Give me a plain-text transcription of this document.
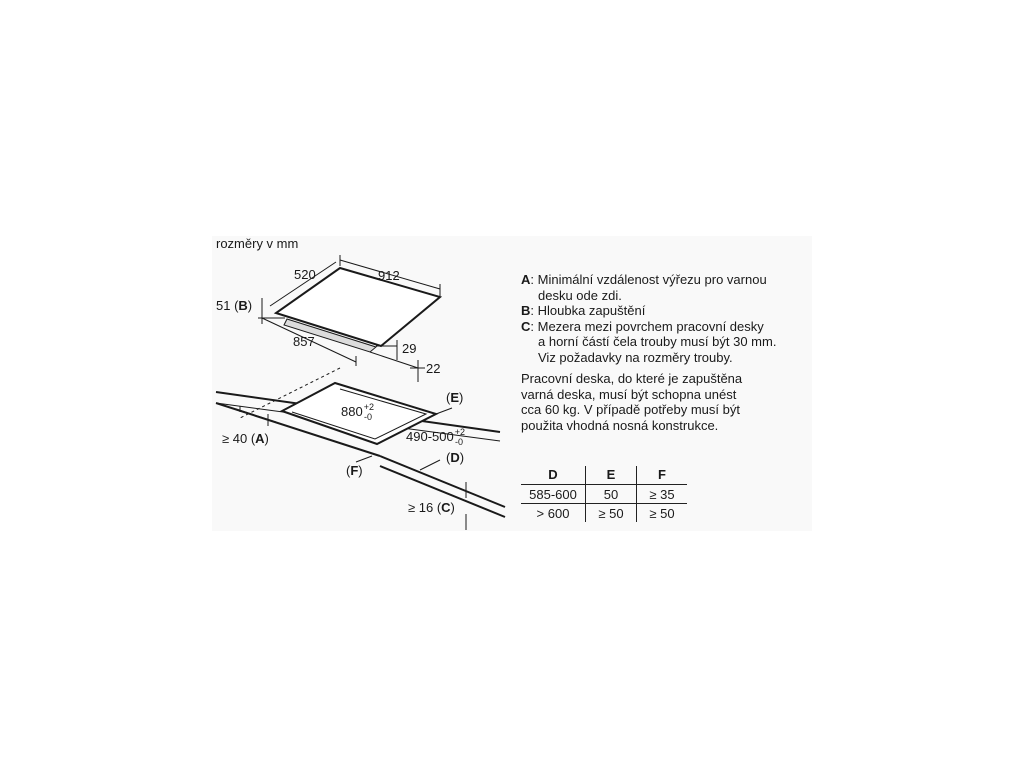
rozměry v mm
520	912
51 (B)
857	29
22
$880^{+2}_{-0}$
$490-500^{+2}_{-0}$
(E)
(D)
(F)
≥ 40 (A)
≥ 16 (C)
A: Minimální vzdálenost výřezu pro varnou
desku ode zdi.
B: Hloubka zapuštění
C: Mezera mezi povrchem pracovní desky
a horní částí čela trouby musí být 30 mm.
Viz požadavky na rozměry trouby.
Pracovní deska, do které je zapuštěna
varná deska, musí být schopna unést
cca 60 kg. V případě potřeby musí být
použita vhodná nosná konstrukce.
D	E	F
585-600	50	≥ 35
> 600	≥ 50	≥ 50
